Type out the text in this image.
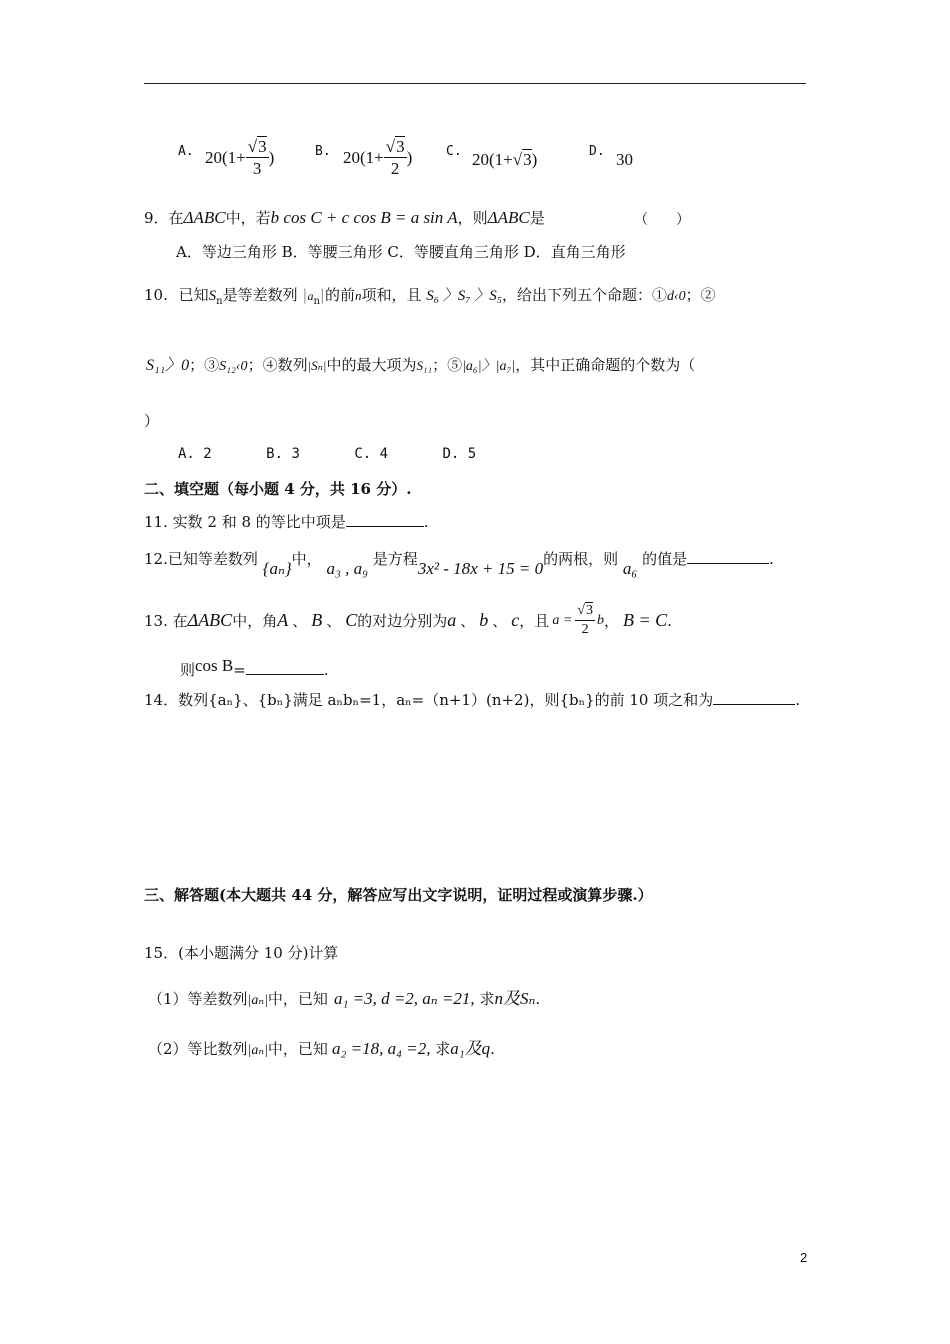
A. $20(1+ \frac{√3}{3}$ )	B. $20(1+ \frac{√3}{2}$ )	C. 20(1+√3)	D. 30
9．在ΔABC中，若b cos C + c cos B = a sin A，则ΔABC是	（　　）
A．等边三角形 B．等腰三角形 C．等腰直角三角形 D．直角三角形
10. 已知$S_n$是等差数列 $|a_n|$的前n项和，且 S₆ 〉S₇ 〉S₅，给出下列五个命题：①d‹0；②
S₁₁〉0；③S₁₂‹0；④数列|Sₙ|中的最大项为S₁₁；⑤|a₆|〉|a₇|，其中正确命题的个数为（
）
A. 2	B. 3	C. 4	D. 5
二、填空题（每小题 4 分，共 16 分）.
11. 实数 2 和 8 的等比中项是	.
12.已知等差数列 {aₙ}中， a₃ , a₉ 是方程3x² - 18x + 15 = 0的两根，则 a₆ 的值是	.
13. 在 ΔABC 中，角 A 、 B 、 C 的对边分别为 a 、 b 、 c ，且 $a = \frac{√3}{2}$ b ， B = C .
则cos B=	.
14．数列{aₙ}、{bₙ}满足 aₙbₙ=1，aₙ=（n+1）(n+2)，则{bₙ}的前 10 项之和为	.
三、解答题(本大题共 44 分，解答应写出文字说明，证明过程或演算步骤.）
15．(本小题满分 10 分)计算
（1）等差数列|aₙ|中，已知 a₁ =3, d =2, aₙ =21, 求n及Sₙ.
（2）等比数列|aₙ|中，已知 a₂ =18, a₄ =2, 求a₁及q.
2
